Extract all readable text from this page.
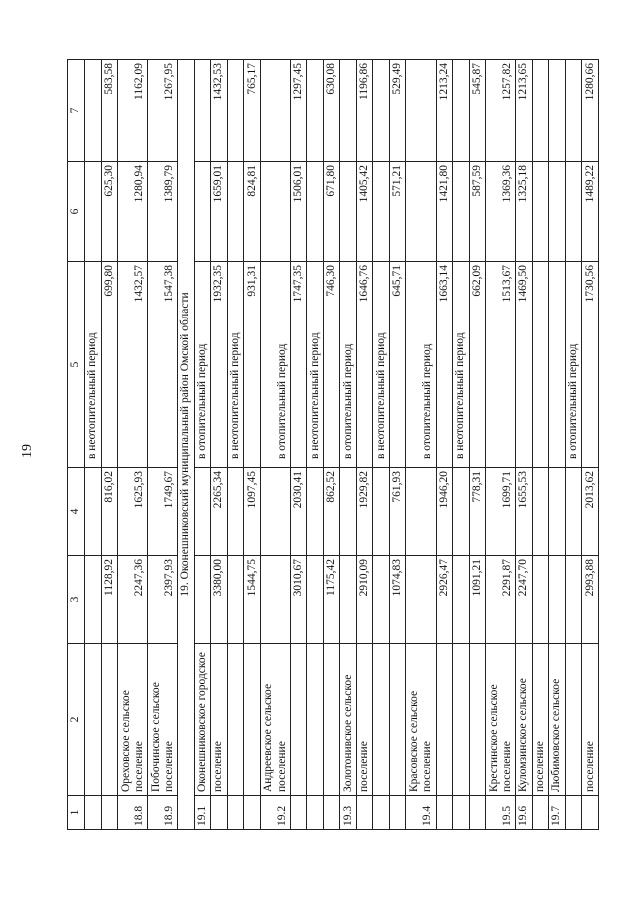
19
1	2	3	4	5	6	7
				в неотопительный период		
		1128,92	816,02	699,80	625,30	583,58
18.8	Ореховское сельское поселение	2247,36	1625,93	1432,57	1280,94	1162,09
18.9	Побочинское сельское поселение	2397,93	1749,67	1547,38	1389,79	1267,95
19. Оконешниковский муниципальный район Омской области						
19.1	Оконешниковское городское			в отопительный период		
	поселение	3380,00	2265,34	1932,35	1659,01	1432,53
				в неотопительный период		
		1544,75	1097,45	931,31	824,81	765,17
19.2	Андреевское сельское поселение			в отопительный период		
		3010,67	2030,41	1747,35	1506,01	1297,45
				в неотопительный период		
		1175,42	862,52	746,30	671,80	630,08
19.3	Золотонивское сельское			в отопительный период		
	поселение	2910,09	1929,82	1646,76	1405,42	1196,86
				в неотопительный период		
		1074,83	761,93	645,71	571,21	529,49
19.4	Красовское сельское поселение			в отопительный период		
		2926,47	1946,20	1663,14	1421,80	1213,24
				в неотопительный период		
		1091,21	778,31	662,09	587,59	545,87
19.5	Крестинское сельское поселение	2291,87	1699,71	1513,67	1369,36	1257,82
19.6	Куломзинское сельское	2247,70	1655,53	1469,50	1325,18	1213,65
	поселение					
19.7	Любимовское сельское					
				в отопительный период		
	поселение	2993,88	2013,62	1730,56	1489,22	1280,66
